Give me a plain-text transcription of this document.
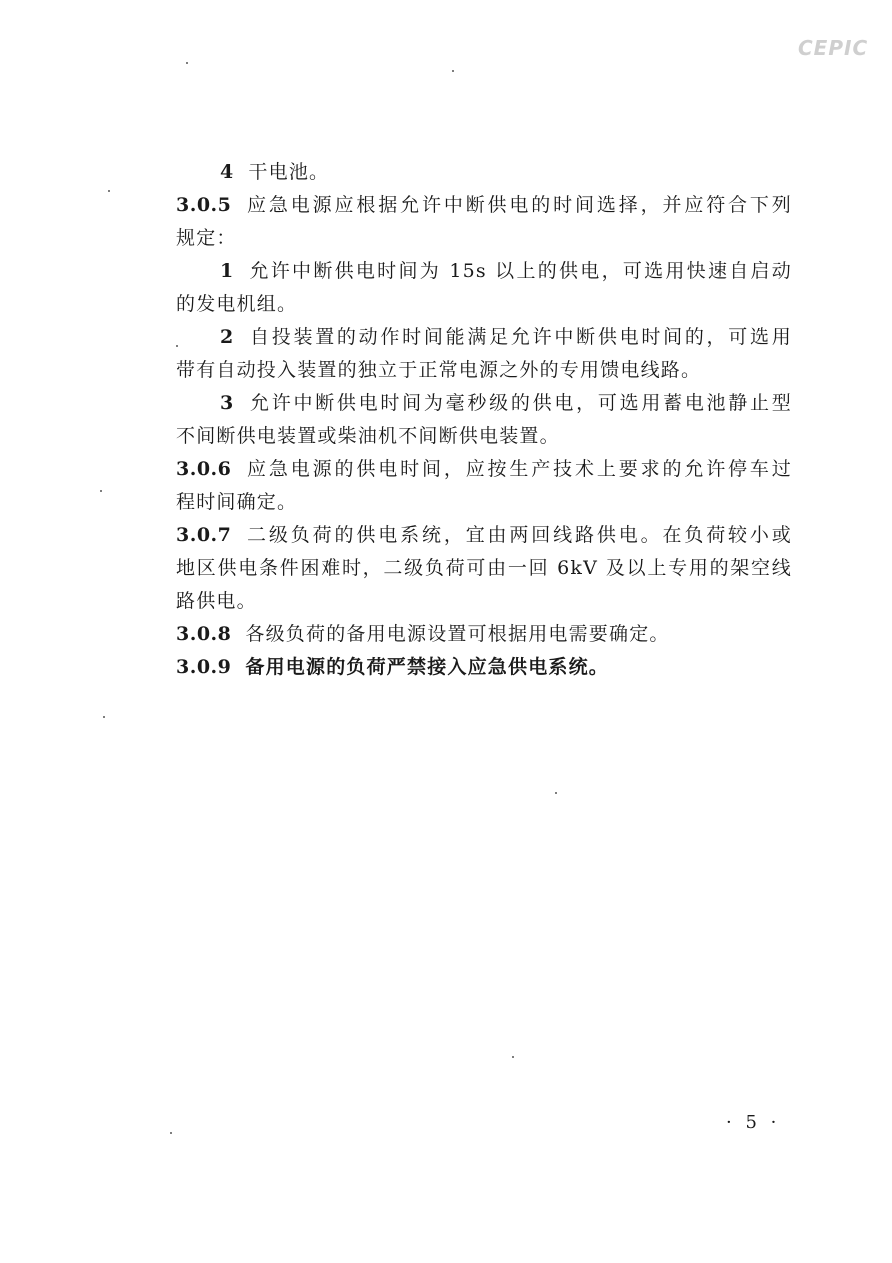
CEPIC
4 干电池。
3.0.5 应急电源应根据允许中断供电的时间选择，并应符合下列
规定：
1 允许中断供电时间为 15s 以上的供电，可选用快速自启动
的发电机组。
2 自投装置的动作时间能满足允许中断供电时间的，可选用
带有自动投入装置的独立于正常电源之外的专用馈电线路。
3 允许中断供电时间为毫秒级的供电，可选用蓄电池静止型
不间断供电装置或柴油机不间断供电装置。
3.0.6 应急电源的供电时间，应按生产技术上要求的允许停车过
程时间确定。
3.0.7 二级负荷的供电系统，宜由两回线路供电。在负荷较小或
地区供电条件困难时，二级负荷可由一回 6kV 及以上专用的架空线
路供电。
3.0.8 各级负荷的备用电源设置可根据用电需要确定。
3.0.9 备用电源的负荷严禁接入应急供电系统。
· 5 ·
